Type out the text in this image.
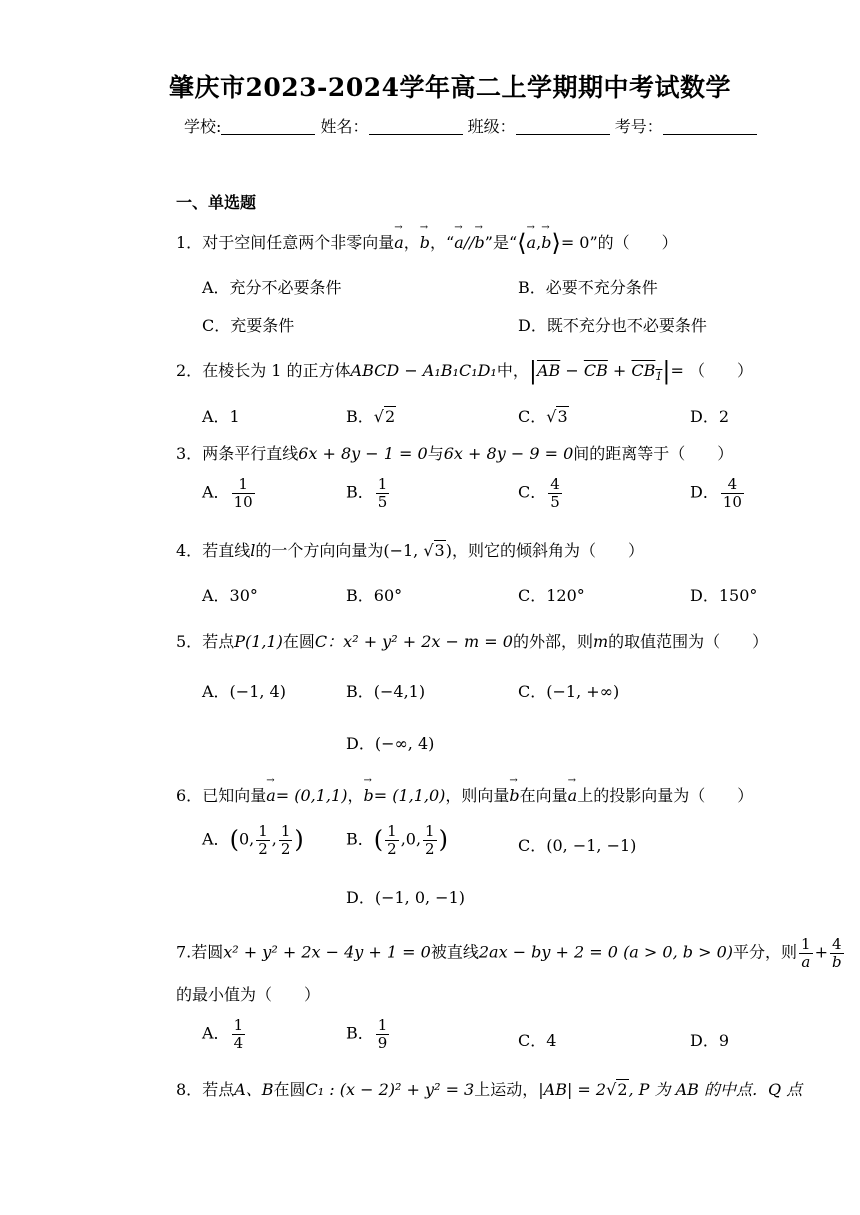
肇庆市2023-2024学年高二上学期期中考试数学
学校:	姓名：	班级：	考号：
一、单选题
1．对于空间任意两个非零向量→ a，→ b，“→ a//→ b”是“⟨→ a,→ b⟩= 0”的（　　）
A．充分不必要条件	B．必要不充分条件
C．充要条件	D．既不充分也不必要条件
2．在棱长为 1 的正方体ABCD − A₁B₁C₁D₁中，$|\overline{AB} - \overline{CB} + CB_1|=$ （　　）
A．1	B．√2	C．√3	D．2
3．两条平行直线6x + 8y − 1 = 0与6x + 8y − 9 = 0间的距离等于（　　）
A． $\frac{1}{10}$	B． $\frac{1}{5}$	C． $\frac{4}{5}$	D． $\frac{4}{10}$
4．若直线l的一个方向向量为(−1, √3)，则它的倾斜角为（　　）
A．30°	B．60°	C．120°	D．150°
5．若点P(1,1)在圆C：x² + y² + 2x − m = 0的外部，则m的取值范围为（　　）
A．(−1, 4)	B．(−4,1)	C．(−1, +∞)
D．(−∞, 4)
6．已知向量→ a= (0,1,1)，→ b= (1,1,0)，则向量→ b在向量→ a上的投影向量为（　　）
A．(0, $\frac{1}{2}$ , $\frac{1}{2}$ )	B．( $\frac{1}{2} ,0$, $\frac{1}{2}$ )	C．(0, −1, −1)
D．(−1, 0, −1)
7.若圆x² + y² + 2x − 4y + 1 = 0被直线2ax − by + 2 = 0 (a > 0, b > 0)平分，则 $\frac{1}{a} + \frac{4}{b}$
的最小值为（　　）
A． $\frac{1}{4}$	B． $\frac{1}{9}$	C．4	D．9
8．若点A、B在圆C₁ : (x − 2)² + y² = 3上运动，|AB| = 2√2, P 为 AB 的中点．Q 点
